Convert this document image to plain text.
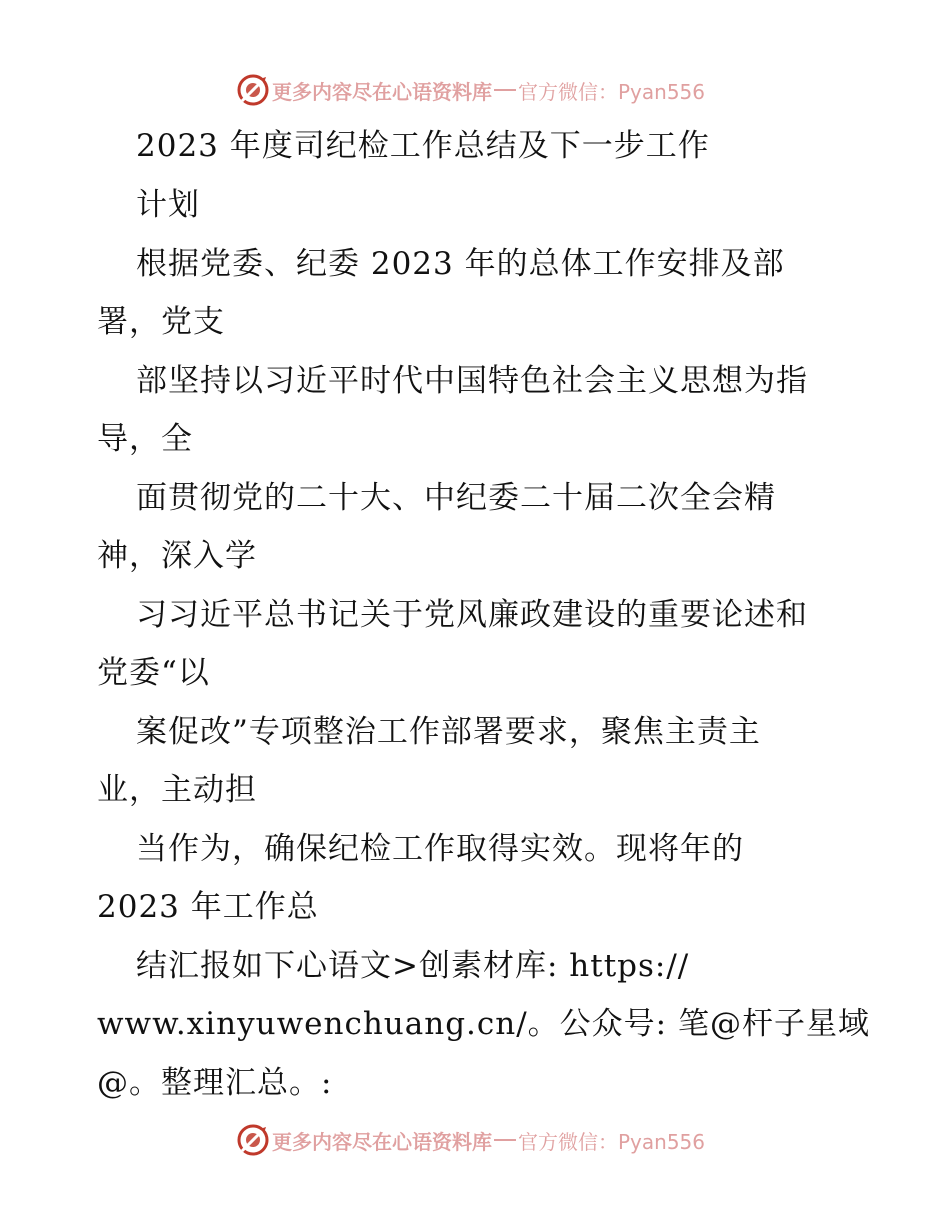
更多内容尽在心语资料库 官方微信：Pyan556
2023 年度司纪检工作总结及下一步工作
计划
根据党委、纪委 2023 年的总体工作安排及部
署，党支
部坚持以习近平时代中国特色社会主义思想为指
导，全
面贯彻党的二十大、中纪委二十届二次全会精
神，深入学
习习近平总书记关于党风廉政建设的重要论述和
党委“以
案促改”专项整治工作部署要求，聚焦主责主
业，主动担
当作为，确保纪检工作取得实效。现将年的
2023 年工作总
结汇报如下心语文>创素材库: https://
www.xinyuwenchuang.cn/。公众号: 笔@杆子星域
@。整理汇总。:
更多内容尽在心语资料库 官方微信：Pyan556
